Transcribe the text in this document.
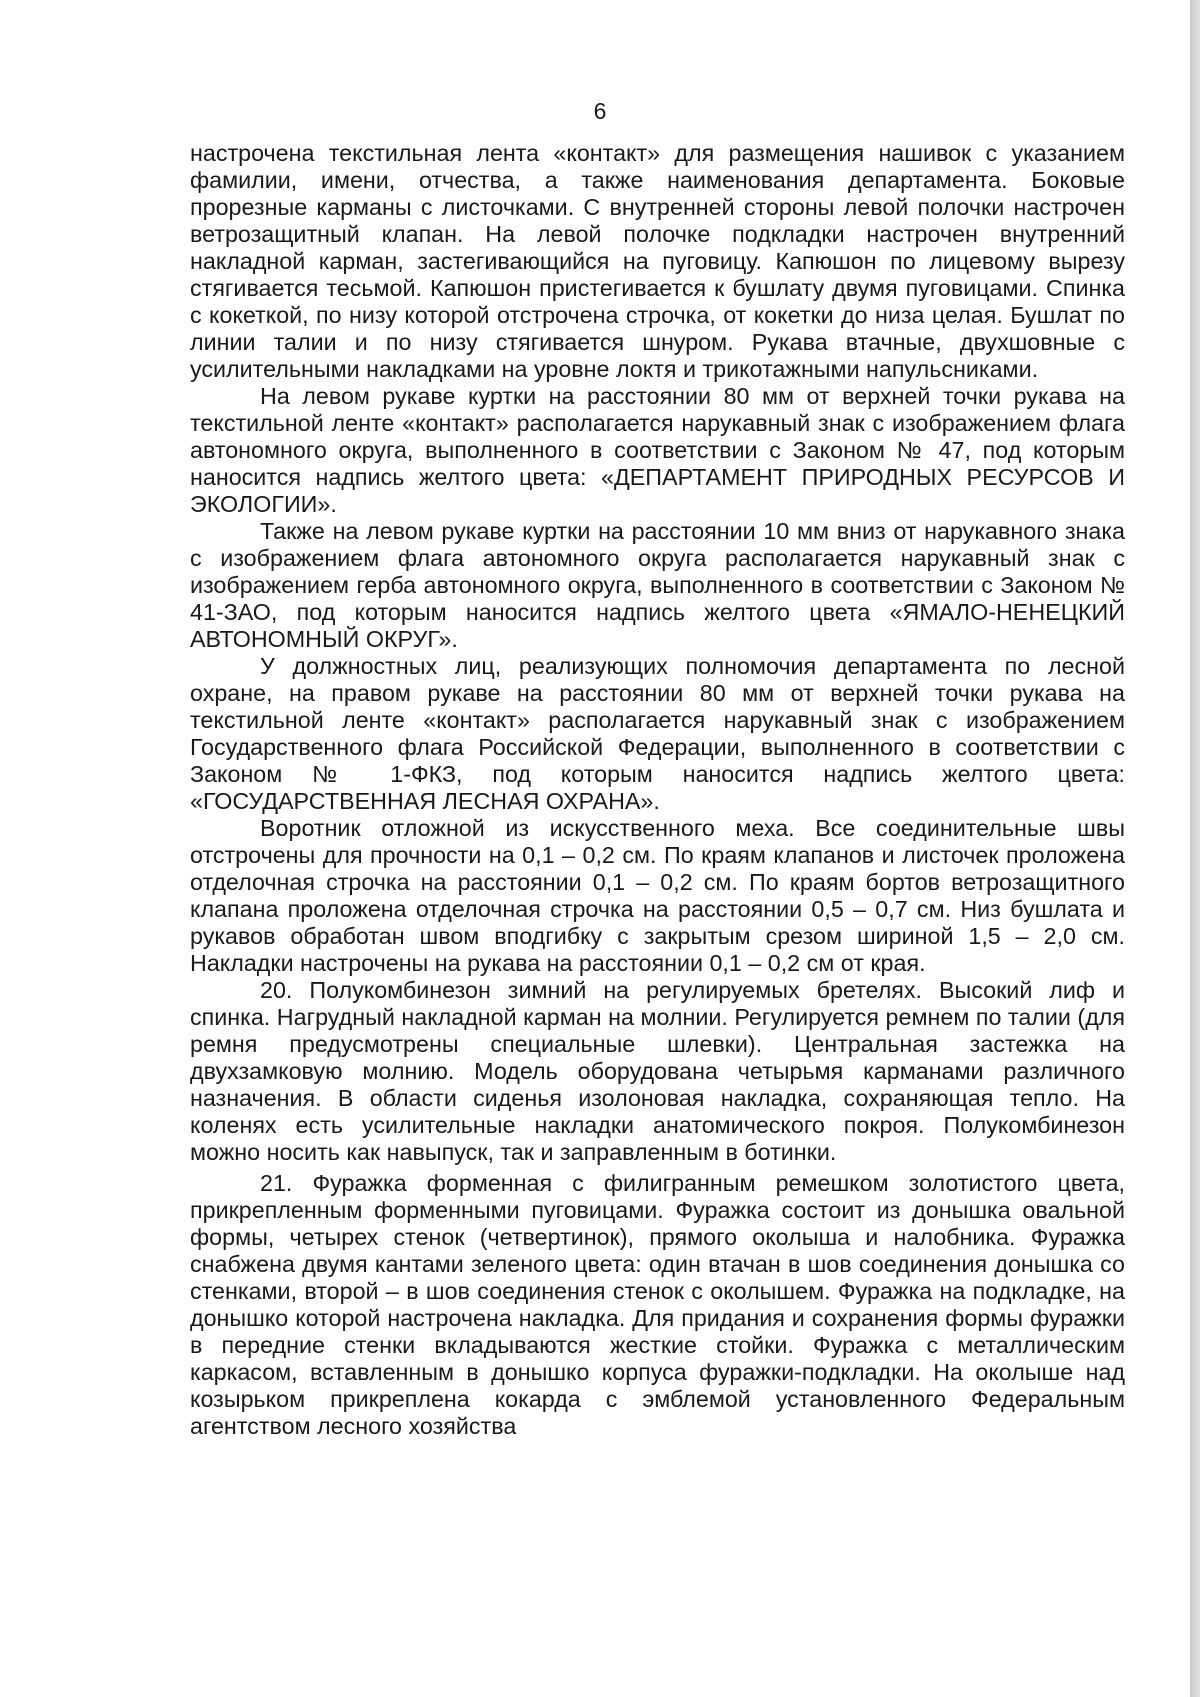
6

настрочена текстильная лента «контакт» для размещения нашивок с указанием фамилии, имени, отчества, а также наименования департамента. Боковые прорезные карманы с листочками. С внутренней стороны левой полочки настрочен ветрозащитный клапан. На левой полочке подкладки настрочен внутренний накладной карман, застегивающийся на пуговицу. Капюшон по лицевому вырезу стягивается тесьмой. Капюшон пристегивается к бушлату двумя пуговицами. Спинка с кокеткой, по низу которой отстрочена строчка, от кокетки до низа целая. Бушлат по линии талии и по низу стягивается шнуром. Рукава втачные, двухшовные с усилительными накладками на уровне локтя и трикотажными напульсниками.

На левом рукаве куртки на расстоянии 80 мм от верхней точки рукава на текстильной ленте «контакт» располагается нарукавный знак с изображением флага автономного округа, выполненного в соответствии с Законом № 47, под которым наносится надпись желтого цвета: «ДЕПАРТАМЕНТ ПРИРОДНЫХ РЕСУРСОВ И ЭКОЛОГИИ».

Также на левом рукаве куртки на расстоянии 10 мм вниз от нарукавного знака с изображением флага автономного округа располагается нарукавный знак с изображением герба автономного округа, выполненного в соответствии с Законом № 41-ЗАО, под которым наносится надпись желтого цвета «ЯМАЛО-НЕНЕЦКИЙ АВТОНОМНЫЙ ОКРУГ».

У должностных лиц, реализующих полномочия департамента по лесной охране, на правом рукаве на расстоянии 80 мм от верхней точки рукава на текстильной ленте «контакт» располагается нарукавный знак с изображением Государственного флага Российской Федерации, выполненного в соответствии с Законом № 1-ФКЗ, под которым наносится надпись желтого цвета: «ГОСУДАРСТВЕННАЯ ЛЕСНАЯ ОХРАНА».

Воротник отложной из искусственного меха. Все соединительные швы отстрочены для прочности на 0,1 – 0,2 см. По краям клапанов и листочек проложена отделочная строчка на расстоянии 0,1 – 0,2 см. По краям бортов ветрозащитного клапана проложена отделочная строчка на расстоянии 0,5 – 0,7 см. Низ бушлата и рукавов обработан швом вподгибку с закрытым срезом шириной 1,5 – 2,0 см. Накладки настрочены на рукава на расстоянии 0,1 – 0,2 см от края.

20. Полукомбинезон зимний на регулируемых бретелях. Высокий лиф и спинка. Нагрудный накладной карман на молнии. Регулируется ремнем по талии (для ремня предусмотрены специальные шлевки). Центральная застежка на двухзамковую молнию. Модель оборудована четырьмя карманами различного назначения. В области сиденья изолоновая накладка, сохраняющая тепло. На коленях есть усилительные накладки анатомического покроя. Полукомбинезон можно носить как навыпуск, так и заправленным в ботинки.

21. Фуражка форменная с филигранным ремешком золотистого цвета, прикрепленным форменными пуговицами. Фуражка состоит из донышка овальной формы, четырех стенок (четвертинок), прямого околыша и налобника. Фуражка снабжена двумя кантами зеленого цвета: один втачан в шов соединения донышка со стенками, второй – в шов соединения стенок с околышем. Фуражка на подкладке, на донышко которой настрочена накладка. Для придания и сохранения формы фуражки в передние стенки вкладываются жесткие стойки. Фуражка с металлическим каркасом, вставленным в донышко корпуса фуражки-подкладки. На околыше над козырьком прикреплена кокарда с эмблемой установленного Федеральным агентством лесного хозяйства
